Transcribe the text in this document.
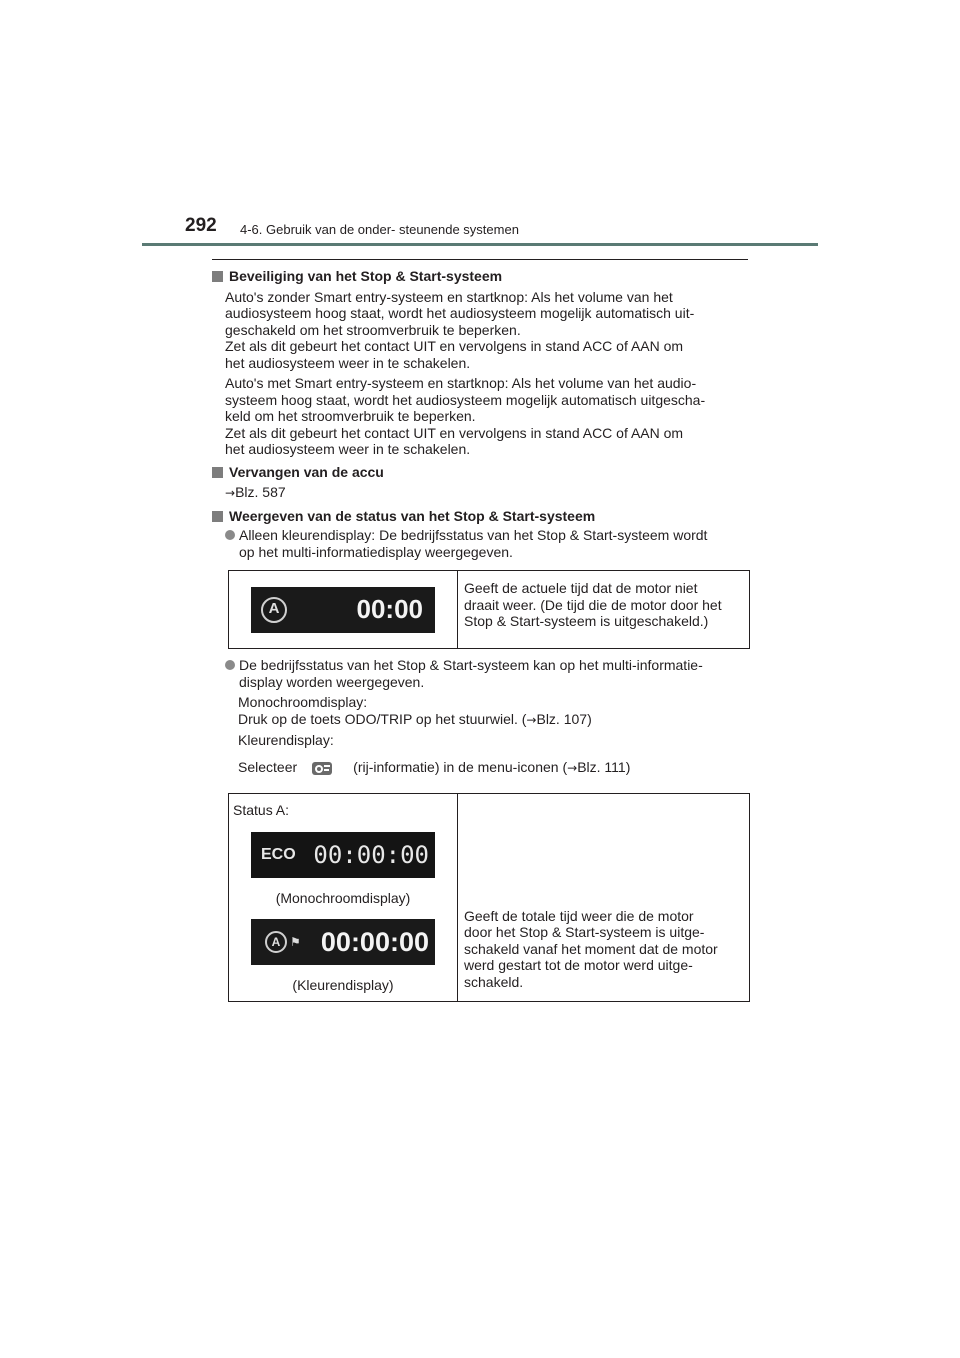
292 4-6. Gebruik van de onder- steunende systemen
Beveiliging van het Stop & Start-systeem
Auto's zonder Smart entry-systeem en startknop: Als het volume van het
audiosysteem hoog staat, wordt het audiosysteem mogelijk automatisch uit-
geschakeld om het stroomverbruik te beperken.
Zet als dit gebeurt het contact UIT en vervolgens in stand ACC of AAN om
het audiosysteem weer in te schakelen.
Auto's met Smart entry-systeem en startknop: Als het volume van het audio-
systeem hoog staat, wordt het audiosysteem mogelijk automatisch uitgescha-
keld om het stroomverbruik te beperken.
Zet als dit gebeurt het contact UIT en vervolgens in stand ACC of AAN om
het audiosysteem weer in te schakelen.
Vervangen van de accu
→Blz. 587
Weergeven van de status van het Stop & Start-systeem
Alleen kleurendisplay: De bedrijfsstatus van het Stop & Start-systeem wordt
op het multi-informatiedisplay weergegeven.
A	00:00

Geeft de actuele tijd dat de motor niet
draait weer. (De tijd die de motor door het
Stop & Start-systeem is uitgeschakeld.)
De bedrijfsstatus van het Stop & Start-systeem kan op het multi-informatie-
display worden weergegeven.
Monochroomdisplay:
Druk op de toets ODO/TRIP op het stuurwiel. (→Blz. 107)
Kleurendisplay:
Selecteer	(rij-informatie) in de menu-iconen (→Blz. 111)
Status A:
ECO 00:00:00
(Monochroomdisplay)
A ⚑ 00:00:00
(Kleurendisplay)

Geeft de totale tijd weer die de motor
door het Stop & Start-systeem is uitge-
schakeld vanaf het moment dat de motor
werd gestart tot de motor werd uitge-
schakeld.
